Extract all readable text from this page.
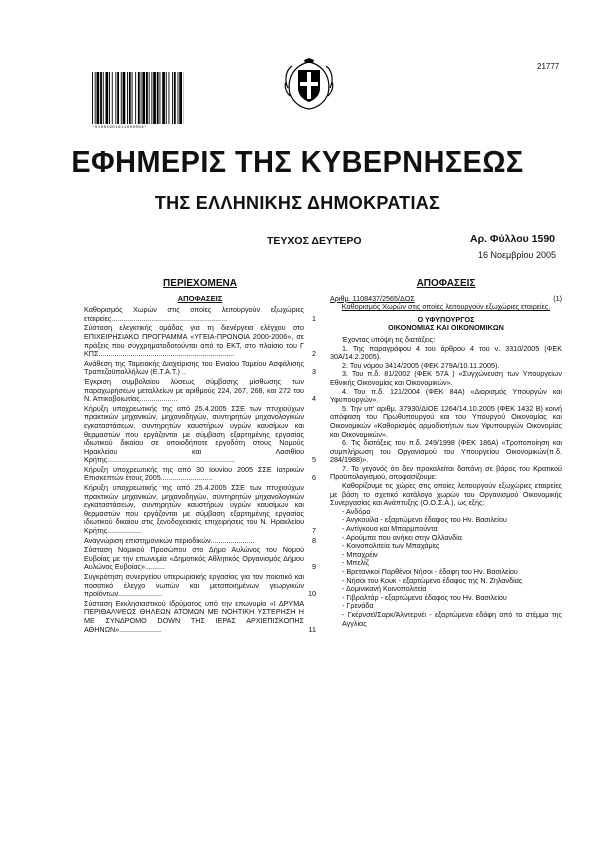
21777
*01005901611050004*
ΕΦΗΜΕΡΙΣ ΤΗΣ ΚΥΒΕΡΝΗΣΕΩΣ
ΤΗΣ ΕΛΛΗΝΙΚΗΣ ΔΗΜΟΚΡΑΤΙΑΣ
ΤΕΥΧΟΣ ΔΕΥΤΕΡΟ	Αρ. Φύλλου 1590
16 Νοεμβρίου 2005
ΠΕΡΙΕΧΟΜΕΝΑ
ΑΠΟΦΑΣΕΙΣ
Καθορισμός Χωρών στις οποίες λειτουργούν εξωχώριες εταιρείες..........................................................	1
Σύσταση ελεγκτικής ομάδας για τη διενέργεια ελέγχου στο ΕΠΙΧΕΙΡΗΣΙΑΚΟ ΠΡΟΓΡΑΜΜΑ «ΥΓΕΙΑ-ΠΡΟΝΟΙΑ 2000-2006», σε πράξεις που συγχρηματοδοτούνται από το ΕΚΤ, στο πλαίσιο του Γ ΚΠΣ....................................................................	2
Ανάθεση της Ταμειακής Διαχείρισης του Ενιαίου Ταμείου Ασφάλισης Τραπεζοϋπαλλήλων (Ε.Τ.Α.Τ.) ..	3
Έγκριση συμβολαίου λύσεως σύμβασης μίσθωσης των παραχωρήσεων μεταλλείων με αριθμούς 224, 267, 268, και 272 του Ν. Αττικοβοιωτίας...................	4
Κήρυξη υποχρεωτικής της από 25.4.2005 ΣΣΕ των πτυχιούχων πρακτικών μηχανικών, μηχανοδηγών, συντηρητών μηχανολογικών εγκαταστάσεων, συντηρητών καυστήρων υγρών καυσίμων και θερμαστών που εργάζονται με σύμβαση εξαρτημένης εργασίας ιδιωτικού δικαίου σε οποιοδήποτε εργοδότη στους Νομούς Ηρακλείου και Λασιθίου Κρήτης................................................................	5
Κήρυξη υποχρεωτικής της από 30 Ιουνίου 2005 ΣΣΕ Ιατρικών Επισκεπτών έτους 2005..........................	6
Κήρυξη υποχρεωτικής της από 25.4.2005 ΣΣΕ των πτυχιούχων πρακτικών μηχανικών, μηχανοδηγών, συντηρητών μηχανολογικών εγκαταστάσεων, συντηρητών καυστήρων υγρών καυσίμων και θερμαστών που εργάζονται με σύμβαση εξαρτημένης εργασίας ιδιωτικού δικαίου στις ξενοδοχειακές επιχειρήσεις του Ν. Ηρακλείου Κρήτης.................	7
Αναγνώριση επιστημονικών περιοδικών......................	8
Σύσταση Νομικού Προσώπου στο Δήμο Αυλώνος του Νομού Ευβοίας με την επωνυμία «Δημοτικός Αθλητικός Οργανισμός Δήμου Αυλώνος Ευβοίας»..........	9
Συγκρότηση συνεργείου υπερωριακής εργασίας για τον ποιοτικό και ποσοτικό έλεγχο νωπών και μεταποιημένων γεωργικών προϊόντων......................	10
Σύσταση Εκκλησιαστικού Ιδρύματος υπό την επωνυμία «Ι ΔΡΥΜΑ ΠΕΡΙΘΑΛΨΕΩΣ ΘΗΛΕΩΝ ΑΤΟΜΩΝ ΜΕ ΝΟΗΤΙΚΗ ΥΣΤΕΡΗΣΗ Η ΜΕ ΣΥΝΔΡΟΜΟ DOWN ΤΗΣ ΙΕΡΑΣ ΑΡΧΙΕΠΙΣΚΟΠΗΣ ΑΘΗΝΩΝ».....................	11
ΑΠΟΦΑΣΕΙΣ
Αριθμ. 1108437/2565/ΔΟΣ	(1)
Καθορισμός Χωρών στις οποίες λειτουργούν εξωχώριες εταιρείες.
Ο ΥΦΥΠΟΥΡΓΟΣ
ΟΙΚΟΝΟΜΙΑΣ ΚΑΙ ΟΙΚΟΝΟΜΙΚΩΝ
Έχοντας υπόψη τις διατάξεις:
1. Της παραγράφου 4 του άρθρου 4 του ν. 3310/2005 (ΦΕΚ 30Α/14.2.2005).
2. Του νόμου 3414/2005 (ΦΕΚ 279Α/10.11.2005).
3. Του π.δ. 81/2002 (ΦΕΚ 57Α ) «Συγχώνευση των Υπουργείων Εθνικής Οικονομίας και Οικονομικών».
4. Του π.δ. 121/2004 (ΦΕΚ 84Α) «Διορισμός Υπουργών και Υφυπουργών».
5. Την υπ' αριθμ. 37930/ΔΙΟΕ 1264/14.10.2005 (ΦΕΚ 1432 Β) κοινή απόφαση του Πρωθυπουργού και του Υπουργού Οικονομίας και Οικονομικών «Καθορισμός αρμοδιοτήτων των Υφυπουργών Οικονομίας και Οικονομικών».
6. Τις διατάξεις του π.δ. 249/1998 (ΦΕΚ 186Α) «Τροποποίηση και συμπλήρωση του Οργανισμού του Υπουργείου Οικονομικών(π.δ. 284/1988)».
7. Το γεγονός ότι δεν προκαλείται δαπάνη σε βάρος του Κρατικού Προϋπολογισμού, αποφασίζουμε:
Καθορίζουμε τις χώρες στις οποίες λειτουργούν εξωχώριες εταιρείες με βάση το σχετικό κατάλογο χωρών του Οργανισμού Οικονομικής Συνεργασίας και Ανάπτυξης (Ο.Ο.Σ.Α.), ως εξής:
- Ανδόρα
- Ανγκουίλα - εξαρτώμενο έδαφος του Ην. Βασιλείου
- Αντίγκουα και Μπαρμπούντα
- Αρούμπα που ανήκει στην Ολλανδία
- Κοινοπολιτεία των Μπαχάμες
- Μπαχρέιν
- Μπελίζ
- Βρετανικοί Παρθένοι Νήσοι - έδαφη του Ην. Βασιλείου
- Νήσοι του Κουκ - εξαρτώμενο έδαφος της Ν. Ζηλανδίας
- Δομινικανή Κοινοπολιτεία
- Γιβραλτάρ - εξαρτώμενο έδαφος του Ην. Βασιλείου
- Γρενάδα
- Γκέρνσεϊ/Σαρκ/Άλντερνέι - εξαρτώμενα εδάφη από το στέμμα της Αγγλίας
